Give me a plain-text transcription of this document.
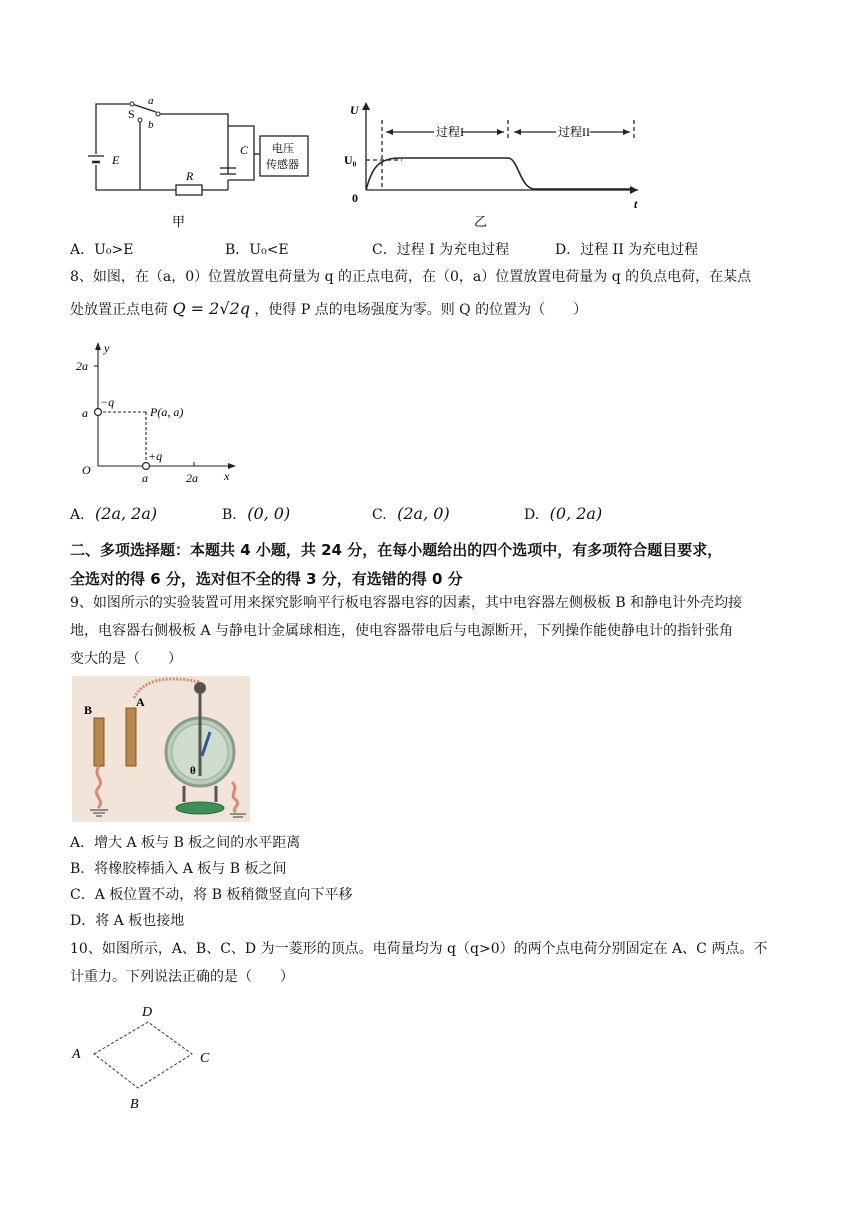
S
a
b
E
C
R
电压
传感器
甲
U
U₀
0	t
过程I	过程II
乙
A．U₀>E	B．U₀<E	C．过程 I 为充电过程	D．过程 II 为充电过程
8、如图，在（a，0）位置放置电荷量为 q 的正点电荷，在（0，a）位置放置电荷量为 q 的负点电荷，在某点
处放置正点电荷 Q = 2√2q ，使得 P 点的电场强度为零。则 Q 的位置为（　　）
y
x
O
2a
a
a	2a
−q
+q
P(a, a)
A. (2a, 2a)	B. (0, 0)	C. (2a, 0)	D. (0, 2a)
二、多项选择题：本题共 4 小题，共 24 分，在每小题给出的四个选项中，有多项符合题目要求，
全选对的得 6 分，选对但不全的得 3 分，有选错的得 0 分
9、如图所示的实验装置可用来探究影响平行板电容器电容的因素，其中电容器左侧极板 B 和静电计外壳均接
地，电容器右侧极板 A 与静电计金属球相连，使电容器带电后与电源断开，下列操作能使静电计的指针张角
变大的是（　　）
B
A
θ
A．增大 A 板与 B 板之间的水平距离
B．将橡胶棒插入 A 板与 B 板之间
C．A 板位置不动，将 B 板稍微竖直向下平移
D．将 A 板也接地
10、如图所示，A、B、C、D 为一菱形的顶点。电荷量均为 q（q>0）的两个点电荷分别固定在 A、C 两点。不
计重力。下列说法正确的是（　　）
A
D
C
B
